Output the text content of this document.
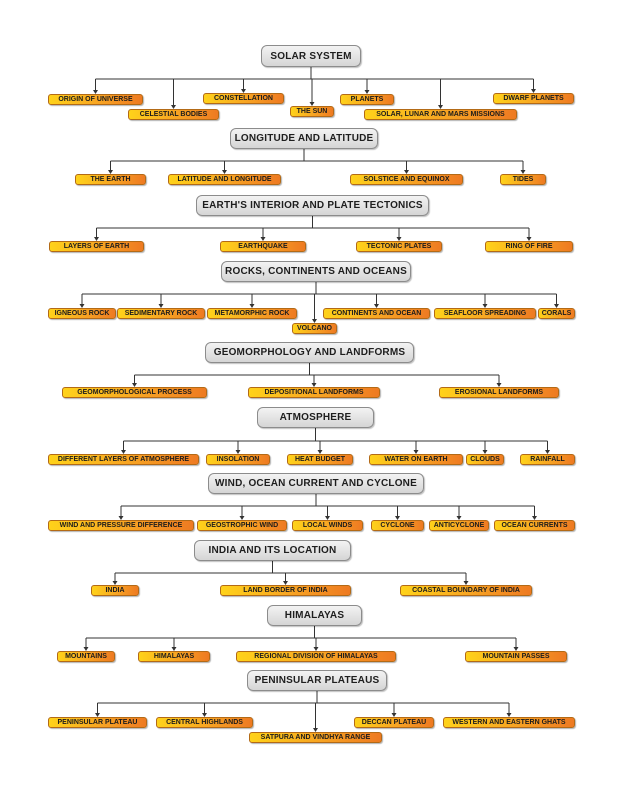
ORIGIN OF UNIVERSE
CELESTIAL BODIES
CONSTELLATION
THE SUN
PLANETS
SOLAR, LUNAR AND MARS MISSIONS
DWARF PLANETS
SOLAR SYSTEM
THE EARTH	LATITUDE AND LONGITUDE	SOLSTICE AND EQUINOX	TIDES
LONGITUDE AND LATITUDE
LAYERS OF EARTH	EARTHQUAKE	TECTONIC PLATES	RING OF FIRE
EARTH'S INTERIOR AND PLATE TECTONICS
IGNEOUS ROCK	SEDIMENTARY ROCK	METAMORPHIC ROCK
VOLCANO
CONTINENTS AND OCEAN	SEAFLOOR SPREADING	CORALS
ROCKS, CONTINENTS AND OCEANS
GEOMORPHOLOGICAL PROCESS	DEPOSITIONAL LANDFORMS	EROSIONAL LANDFORMS
GEOMORPHOLOGY AND LANDFORMS
DIFFERENT LAYERS OF ATMOSPHERE	INSOLATION	HEAT BUDGET	WATER ON EARTH	CLOUDS	RAINFALL
ATMOSPHERE
WIND AND PRESSURE DIFFERENCE	GEOSTROPHIC WIND	LOCAL WINDS	CYCLONE	ANTICYCLONE	OCEAN CURRENTS
WIND, OCEAN CURRENT AND CYCLONE
INDIA	LAND BORDER OF INDIA	COASTAL BOUNDARY OF INDIA
INDIA AND ITS LOCATION
MOUNTAINS	HIMALAYAS	REGIONAL DIVISION OF HIMALAYAS	MOUNTAIN PASSES
HIMALAYAS
PENINSULAR PLATEAU	CENTRAL HIGHLANDS
SATPURA AND VINDHYA RANGE
DECCAN PLATEAU	WESTERN AND EASTERN GHATS
PENINSULAR PLATEAUS
